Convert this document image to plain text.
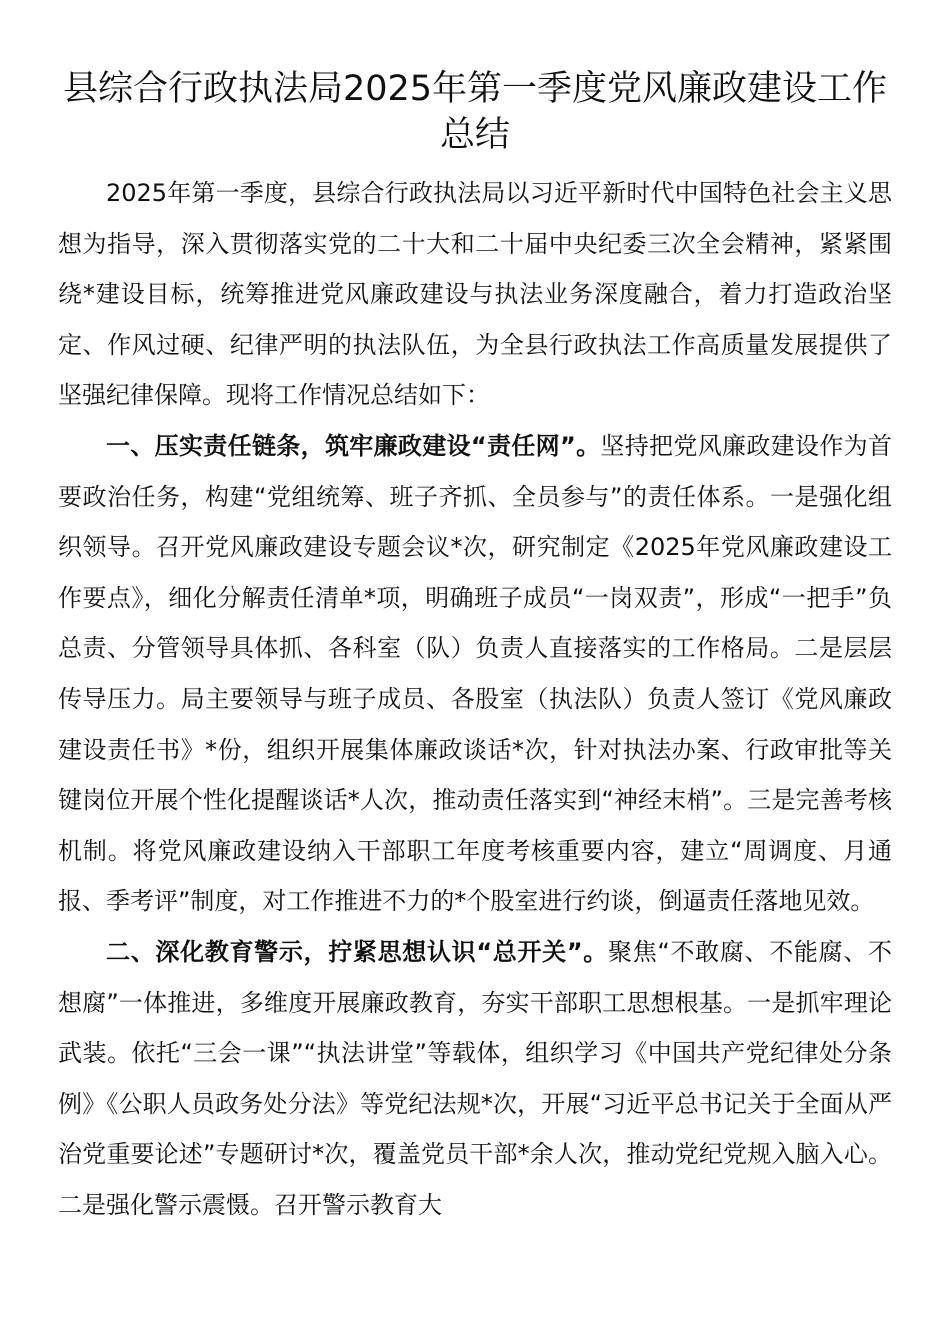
县综合行政执法局2025年第一季度党风廉政建设工作总结

2025年第一季度，县综合行政执法局以习近平新时代中国特色社会主义思想为指导，深入贯彻落实党的二十大和二十届中央纪委三次全会精神，紧紧围绕*建设目标，统筹推进党风廉政建设与执法业务深度融合，着力打造政治坚定、作风过硬、纪律严明的执法队伍，为全县行政执法工作高质量发展提供了坚强纪律保障。现将工作情况总结如下：

一、压实责任链条，筑牢廉政建设“责任网”。坚持把党风廉政建设作为首要政治任务，构建“党组统筹、班子齐抓、全员参与”的责任体系。一是强化组织领导。召开党风廉政建设专题会议*次，研究制定《2025年党风廉政建设工作要点》，细化分解责任清单*项，明确班子成员“一岗双责”，形成“一把手”负总责、分管领导具体抓、各科室（队）负责人直接落实的工作格局。二是层层传导压力。局主要领导与班子成员、各股室（执法队）负责人签订《党风廉政建设责任书》*份，组织开展集体廉政谈话*次，针对执法办案、行政审批等关键岗位开展个性化提醒谈话*人次，推动责任落实到“神经末梢”。三是完善考核机制。将党风廉政建设纳入干部职工年度考核重要内容，建立“周调度、月通报、季考评”制度，对工作推进不力的*个股室进行约谈，倒逼责任落地见效。

二、深化教育警示，拧紧思想认识“总开关”。聚焦“不敢腐、不能腐、不想腐”一体推进，多维度开展廉政教育，夯实干部职工思想根基。一是抓牢理论武装。依托“三会一课”“执法讲堂”等载体，组织学习《中国共产党纪律处分条例》《公职人员政务处分法》等党纪法规*次，开展“习近平总书记关于全面从严治党重要论述”专题研讨*次，覆盖党员干部*余人次，推动党纪党规入脑入心。二是强化警示震慑。召开警示教育大
